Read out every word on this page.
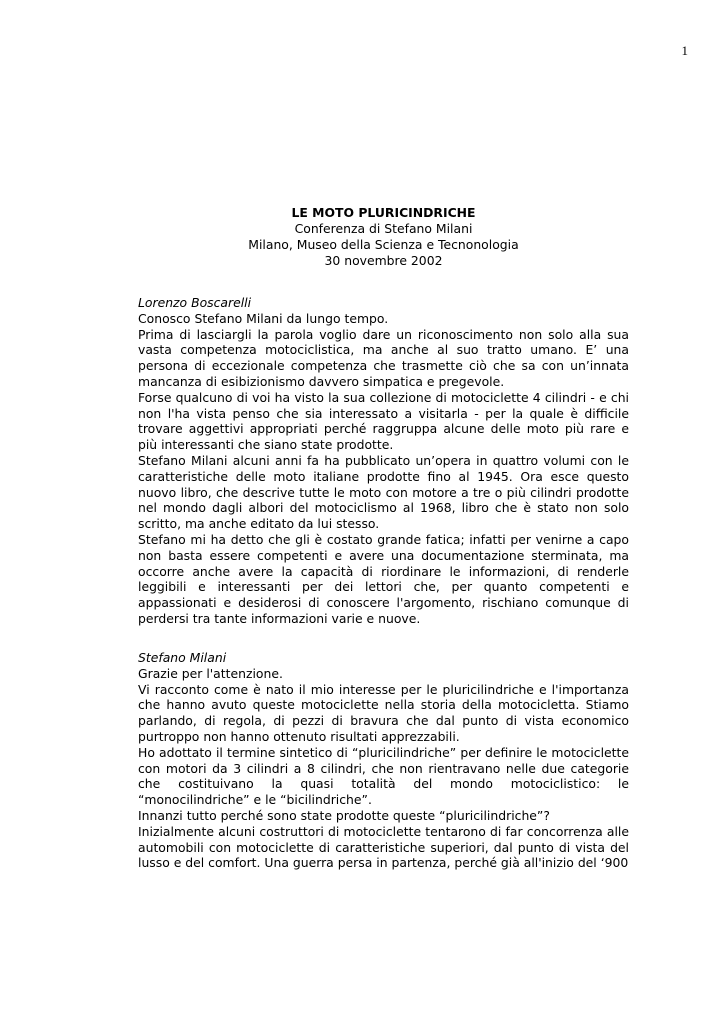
1
LE MOTO PLURICINDRICHE
Conferenza di Stefano Milani
Milano, Museo della Scienza e Tecnonologia
30 novembre 2002

Lorenzo Boscarelli

Conosco Stefano Milani da lungo tempo.

Prima di lasciargli la parola voglio dare un riconoscimento non solo alla sua vasta competenza motociclistica, ma anche al suo tratto umano. E’ una persona di eccezionale competenza che trasmette ciò che sa con un’innata mancanza di esibizionismo davvero simpatica e pregevole.

Forse qualcuno di voi ha visto la sua collezione di motociclette 4 cilindri - e chi non l'ha vista penso che sia interessato a visitarla - per la quale è difficile trovare aggettivi appropriati perché raggruppa alcune delle moto più rare e più interessanti che siano state prodotte.

Stefano Milani alcuni anni fa ha pubblicato un’opera in quattro volumi con le caratteristiche delle moto italiane prodotte fino al 1945. Ora esce questo nuovo libro, che descrive tutte le moto con motore a tre o più cilindri prodotte nel mondo dagli albori del motociclismo al 1968, libro che è stato non solo scritto, ma anche editato da lui stesso.

Stefano mi ha detto che gli è costato grande fatica; infatti per venirne a capo non basta essere competenti e avere una documentazione sterminata, ma occorre anche avere la capacità di riordinare le informazioni, di renderle leggibili e interessanti per dei lettori che, per quanto competenti e appassionati e desiderosi di conoscere l'argomento, rischiano comunque di perdersi tra tante informazioni varie e nuove.

Stefano Milani

Grazie per l'attenzione.

Vi racconto come è nato il mio interesse per le pluricilindriche e l'importanza che hanno avuto queste motociclette nella storia della motocicletta. Stiamo parlando, di regola, di pezzi di bravura che dal punto di vista economico purtroppo non hanno ottenuto risultati apprezzabili.

Ho adottato il termine sintetico di “pluricilindriche” per definire le motociclette con motori da 3 cilindri a 8 cilindri, che non rientravano nelle due categorie che costituivano la quasi totalità del mondo motociclistico: le “monocilindriche” e le “bicilindriche”.

Innanzi tutto perché sono state prodotte queste “pluricilindriche”?

Inizialmente alcuni costruttori di motociclette tentarono di far concorrenza alle automobili con motociclette di caratteristiche superiori, dal punto di vista del lusso e del comfort. Una guerra persa in partenza, perché già all'inizio del ‘900
